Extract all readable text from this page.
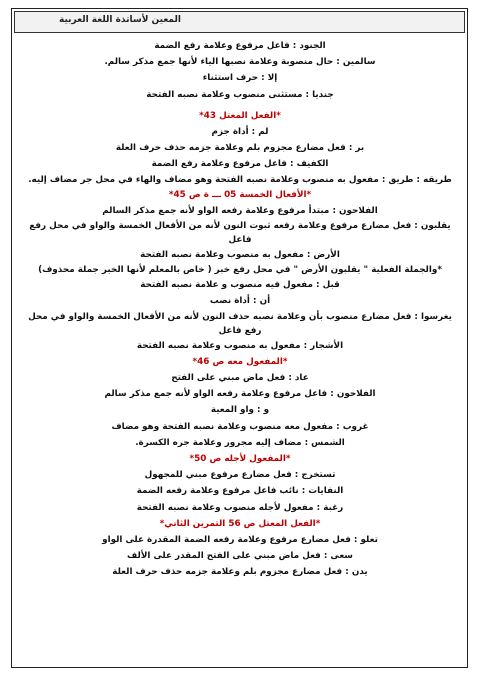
المعين لأساتذة اللغة العربية
الجنود : فاعل مرفوع وعلامة رفع الضمة
سالمين : حال منصوبة وعلامة نصبها الياء لأنها جمع مذكر سالم.
إلا : حرف استثناء
جنديا : مستثنى منصوب وعلامة نصبه الفتحة
*الفعل المعتل 43*
لم : أداة جزم
بر : فعل مضارع مجزوم بلم وعلامة جزمه حذف حرف العلة
الكفيف : فاعل مرفوع وعلامة رفع الضمة
طريقه : طريق : مفعول به منصوب وعلامة نصبه الفتحة وهو مضاف والهاء في محل جر مضاف إليه.
*الأفعال الخمسة 05 ـــ ة ص 45*
الفلاحون : مبتدأ مرفوع وعلامة رفعه الواو لأنه جمع مذكر السالم
يقلبون : فعل مضارع مرفوع وعلامة رفعه ثبوت النون لأنه من الأفعال الخمسة والواو في محل رفع فاعل
الأرض : مفعول به منصوب وعلامة نصبه الفتحة
*والجملة الفعلية " يقلبون الأرض " في محل رفع خبر ( خاص بالمعلم لأنها الخبر جملة محذوف)
قبل : مفعول فيه منصوب و علامة نصبه الفتحة
أن : أداة نصب
يغرسوا : فعل مضارع منصوب بأن وعلامة نصبه حذف النون لأنه من الأفعال الخمسة والواو في محل رفع فاعل
الأشجار : مفعول به منصوب وعلامة نصبه الفتحة
*المفعول معه ص 46*
عاد : فعل ماض مبني على الفتح
الفلاحون : فاعل مرفوع وعلامة رفعه الواو لأنه جمع مذكر سالم
و : واو المعية
غروب : مفعول معه منصوب وعلامة نصبه الفتحة وهو مضاف
الشمس : مضاف إليه مجرور وعلامة جره الكسرة.
*المفعول لأجله ص 50*
تستخرج : فعل مضارع مرفوع مبني للمجهول
النفايات : نائب فاعل مرفوع وعلامة رفعه الضمة
رغبة : مفعول لأجله منصوب وعلامة نصبه الفتحة
*الفعل المعتل ص 56 التمرين الثاني*
تعلو : فعل مضارع مرفوع وعلامة رفعه الضمة المقدرة على الواو
سعى : فعل ماض مبني على الفتح المقدر على الألف
يدن : فعل مضارع مجزوم بلم وعلامة جزمه حذف حرف العلة
